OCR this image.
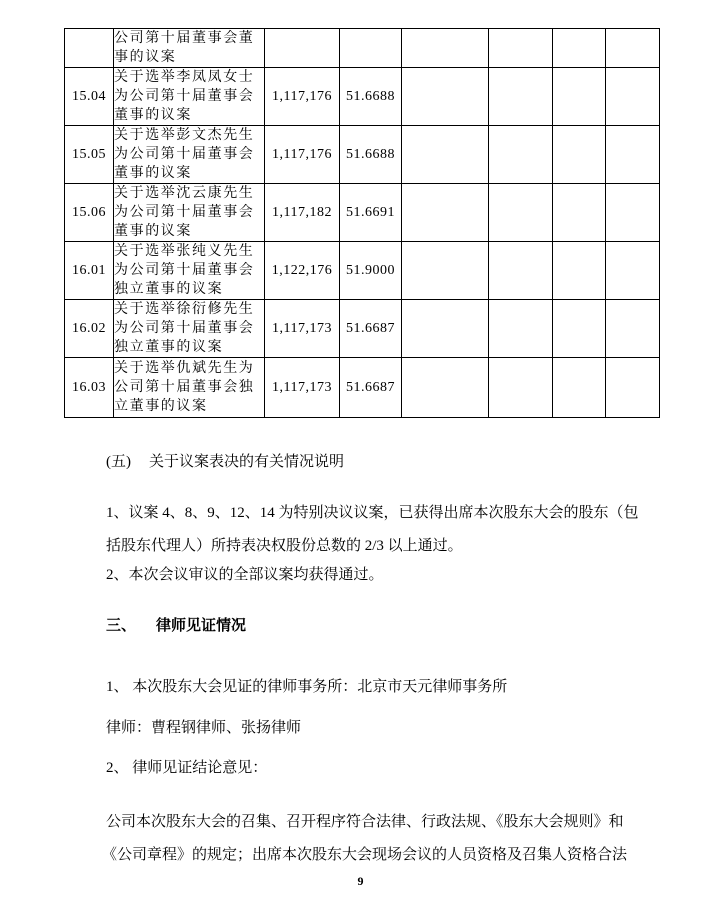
	公司第十届董事会董事的议案						
15.04	关于选举李凤凤女士为公司第十届董事会董事的议案	1,117,176	51.6688				
15.05	关于选举彭文杰先生为公司第十届董事会董事的议案	1,117,176	51.6688				
15.06	关于选举沈云康先生为公司第十届董事会董事的议案	1,117,182	51.6691				
16.01	关于选举张纯义先生为公司第十届董事会独立董事的议案	1,122,176	51.9000				
16.02	关于选举徐衍修先生为公司第十届董事会独立董事的议案	1,117,173	51.6687				
16.03	关于选举仇斌先生为公司第十届董事会独立董事的议案	1,117,173	51.6687				
(五) 关于议案表决的有关情况说明
1、议案 4、8、9、12、14 为特别决议议案，已获得出席本次股东大会的股东（包
括股东代理人）所持表决权股份总数的 2/3 以上通过。
2、本次会议审议的全部议案均获得通过。
三、 律师见证情况
1、 本次股东大会见证的律师事务所：北京市天元律师事务所
律师：曹程钢律师、张扬律师
2、 律师见证结论意见：
公司本次股东大会的召集、召开程序符合法律、行政法规、《股东大会规则》和
《公司章程》的规定；出席本次股东大会现场会议的人员资格及召集人资格合法
9
